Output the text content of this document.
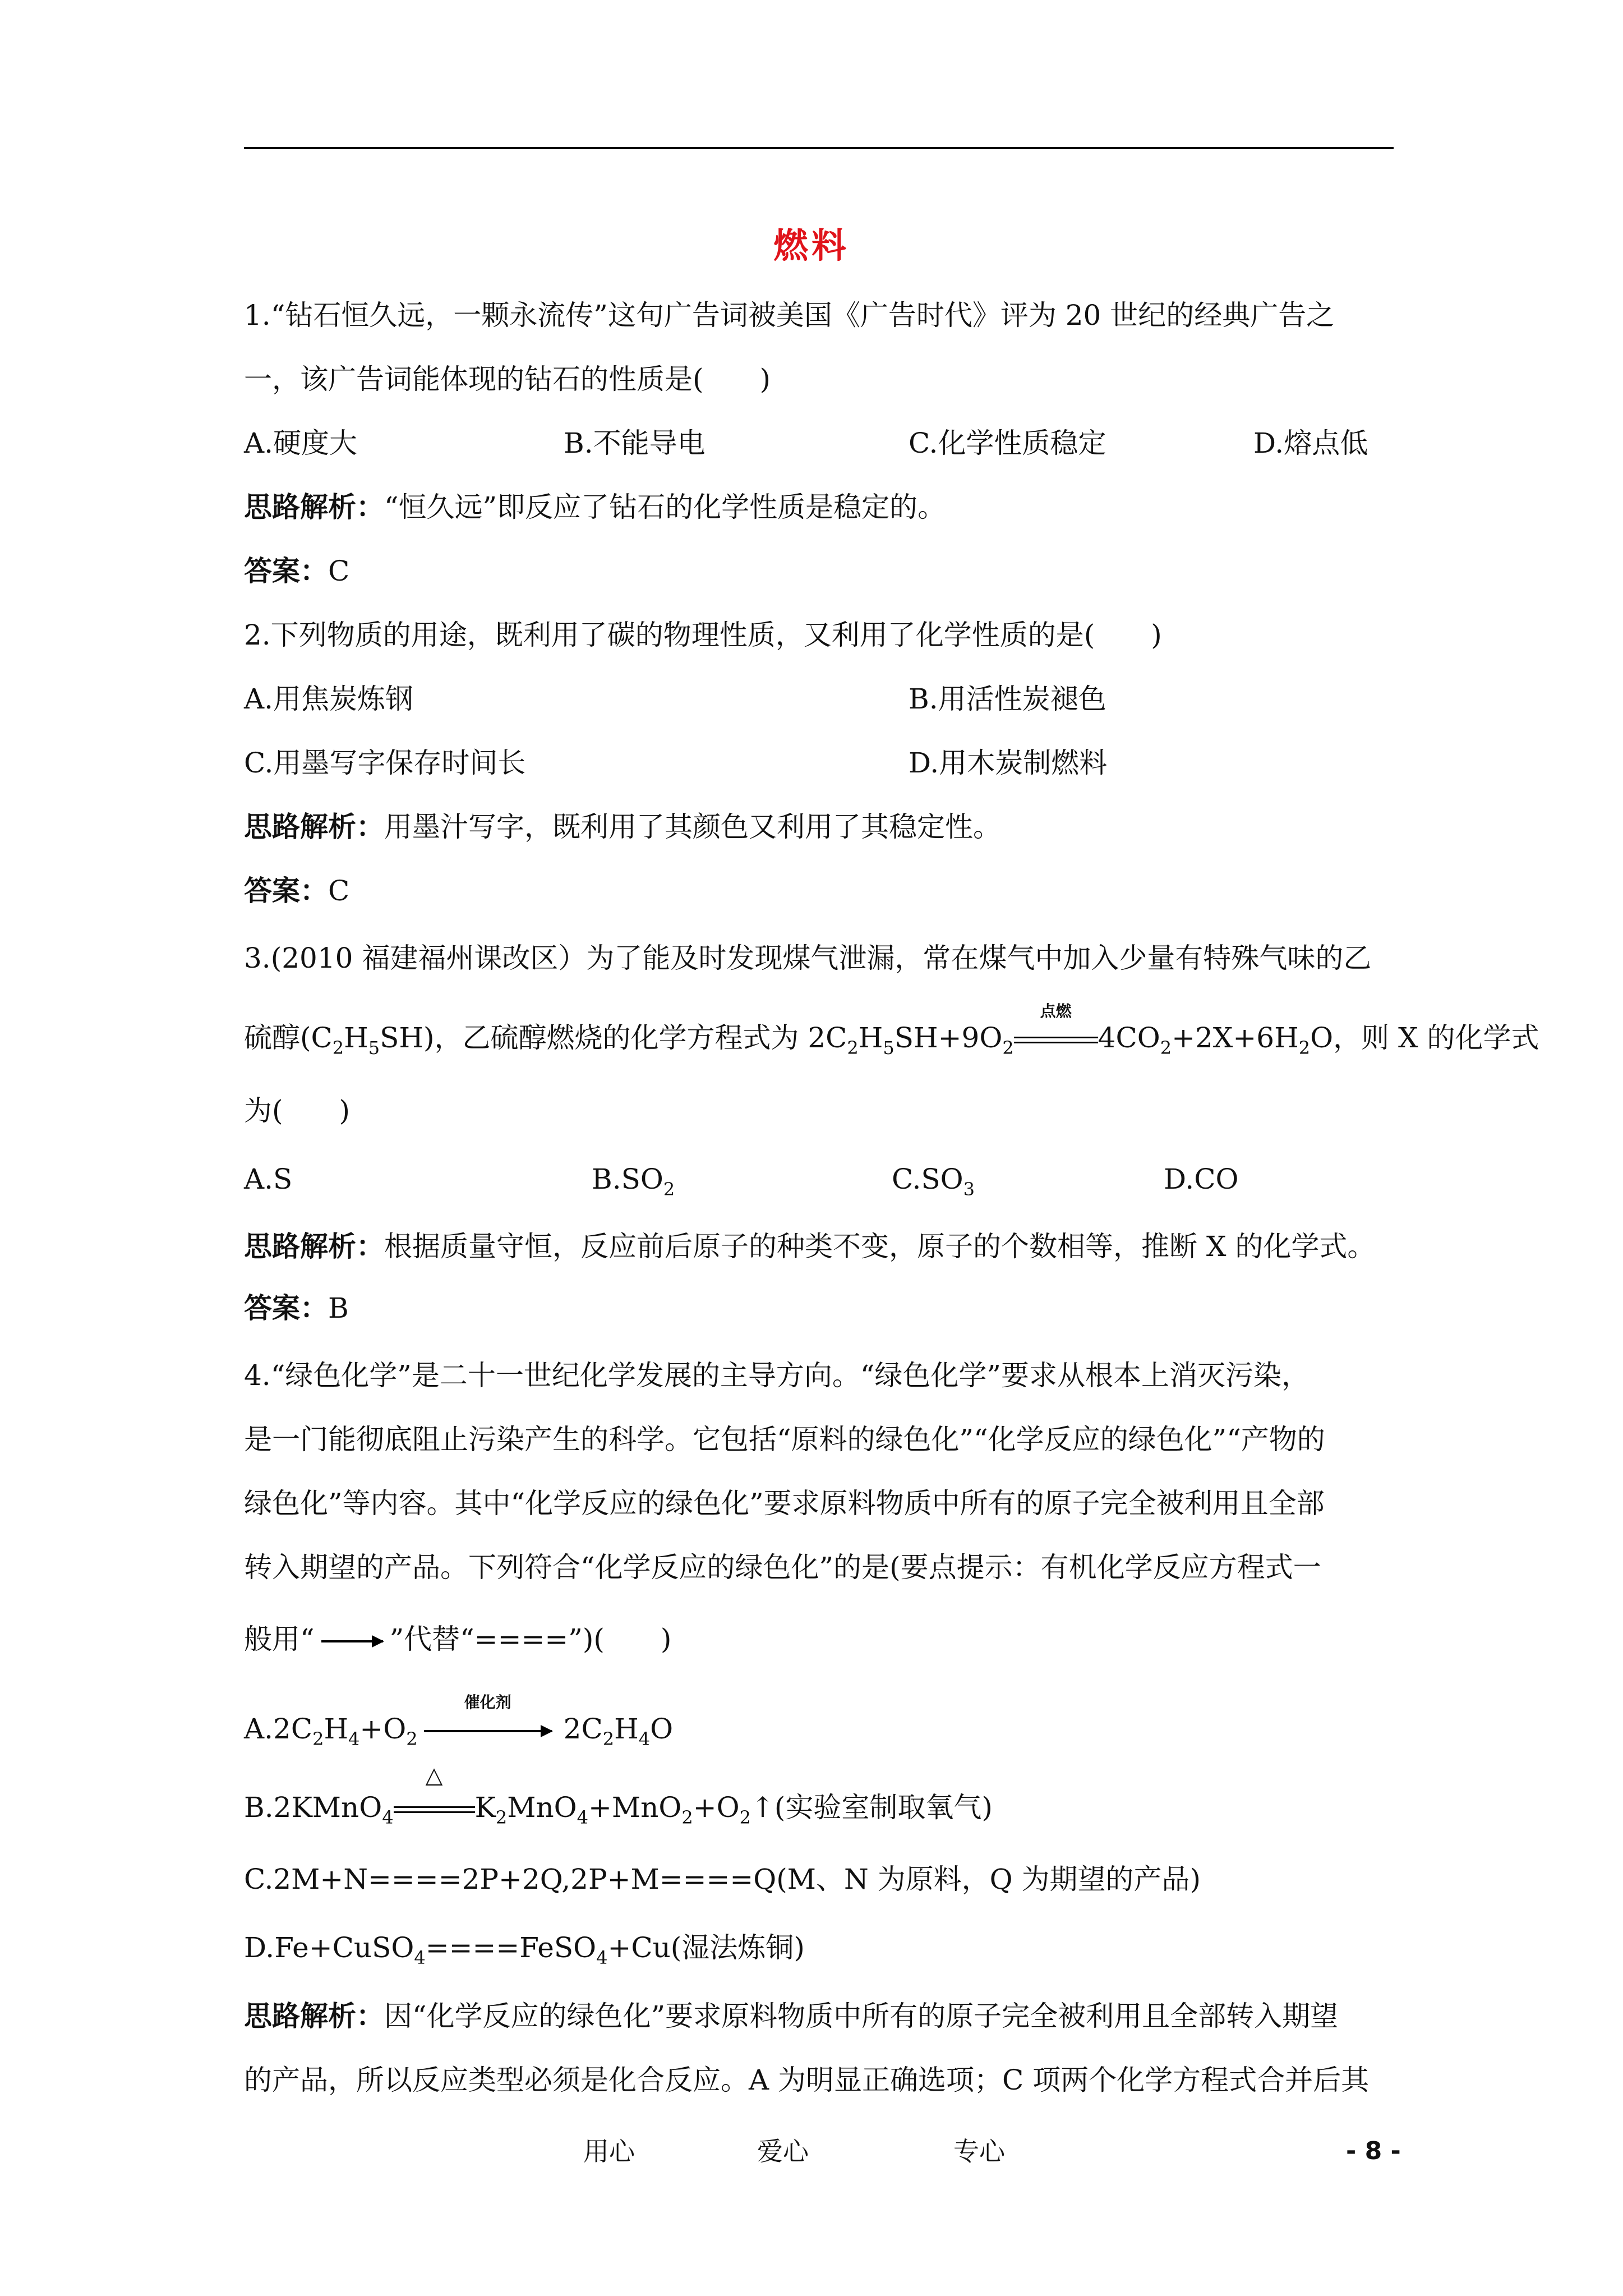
燃料
1.“钻石恒久远，一颗永流传”这句广告词被美国《广告时代》评为 20 世纪的经典广告之
一，该广告词能体现的钻石的性质是(　　)
A.硬度大	B.不能导电	C.化学性质稳定	D.熔点低
思路解析：“恒久远”即反应了钻石的化学性质是稳定的。
答案：C
2.下列物质的用途，既利用了碳的物理性质，又利用了化学性质的是(　　)
A.用焦炭炼钢	B.用活性炭褪色
C.用墨写字保存时间长	D.用木炭制燃料
思路解析：用墨汁写字，既利用了其颜色又利用了其稳定性。
答案：C
3.(2010 福建福州课改区）为了能及时发现煤气泄漏，常在煤气中加入少量有特殊气味的乙
硫醇$(C_2H_5SH)$，乙硫醇燃烧的化学方程式为 $2C_2H_5SH+9O_2$
点燃
$4CO_2+2X+6H_2O$，则 X 的化学式
为(　　)
A.S	$B.SO_2$	$C.SO_3$	D.CO
思路解析：根据质量守恒，反应前后原子的种类不变，原子的个数相等，推断 X 的化学式。
答案：B
4.“绿色化学”是二十一世纪化学发展的主导方向。“绿色化学”要求从根本上消灭污染，
是一门能彻底阻止污染产生的科学。它包括“原料的绿色化”“化学反应的绿色化”“产物的
绿色化”等内容。其中“化学反应的绿色化”要求原料物质中所有的原子完全被利用且全部
转入期望的产品。下列符合“化学反应的绿色化”的是(要点提示：有机化学反应方程式一
般用“	”代替“====”)(　　)
$A.2C_2H_4+O_2$
催化剂
$2C_2H_4O$
B.2KMnO$_4$
△
$K_2MnO_4+MnO_2+O_2↑$(实验室制取氧气)
C.2M+N====2P+2Q,2P+M====Q(M、N 为原料，Q 为期望的产品)
D.Fe+CuSO$_4$====FeSO$_4$+Cu(湿法炼铜)
思路解析：因“化学反应的绿色化”要求原料物质中所有的原子完全被利用且全部转入期望
的产品，所以反应类型必须是化合反应。A 为明显正确选项；C 项两个化学方程式合并后其
用心	爱心	专心	- 8 -
